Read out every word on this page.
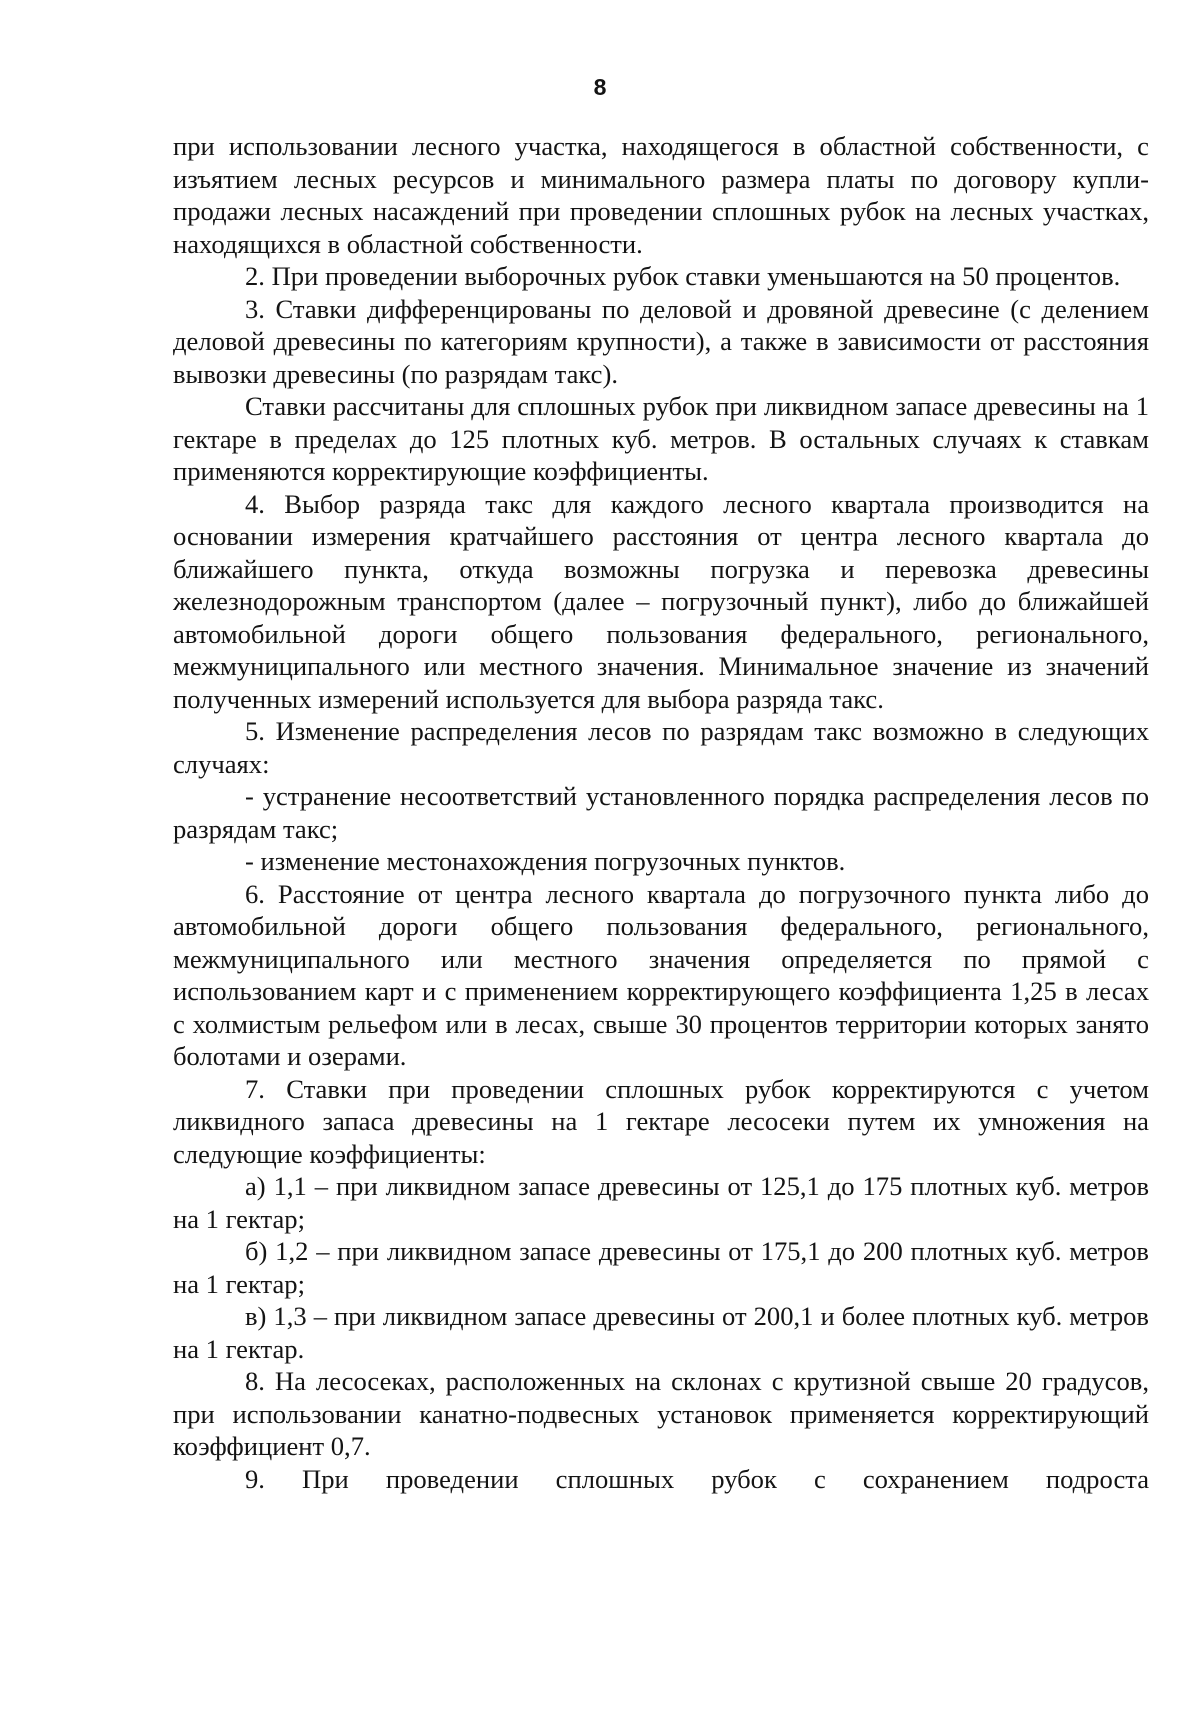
8

при использовании лесного участка, находящегося в областной собственности, с изъятием лесных ресурсов и минимального размера платы по договору купли-продажи лесных насаждений при проведении сплошных рубок на лесных участках, находящихся в областной собственности.

2. При проведении выборочных рубок ставки уменьшаются на 50 процентов.

3. Ставки дифференцированы по деловой и дровяной древесине (с делением деловой древесины по категориям крупности), а также в зависимости от расстояния вывозки древесины (по разрядам такс).

Ставки рассчитаны для сплошных рубок при ликвидном запасе древесины на 1 гектаре в пределах до 125 плотных куб. метров. В остальных случаях к ставкам применяются корректирующие коэффициенты.

4. Выбор разряда такс для каждого лесного квартала производится на основании измерения кратчайшего расстояния от центра лесного квартала до ближайшего пункта, откуда возможны погрузка и перевозка древесины железнодорожным транспортом (далее – погрузочный пункт), либо до ближайшей автомобильной дороги общего пользования федерального, регионального, межмуниципального или местного значения. Минимальное значение из значений полученных измерений используется для выбора разряда такс.

5. Изменение распределения лесов по разрядам такс возможно в следующих случаях:

- устранение несоответствий установленного порядка распределения лесов по разрядам такс;

- изменение местонахождения погрузочных пунктов.

6. Расстояние от центра лесного квартала до погрузочного пункта либо до автомобильной дороги общего пользования федерального, регионального, межмуниципального или местного значения определяется по прямой с использованием карт и с применением корректирующего коэффициента 1,25 в лесах с холмистым рельефом или в лесах, свыше 30 процентов территории которых занято болотами и озерами.

7. Ставки при проведении сплошных рубок корректируются с учетом ликвидного запаса древесины на 1 гектаре лесосеки путем их умножения на следующие коэффициенты:

а) 1,1 – при ликвидном запасе древесины от 125,1 до 175 плотных куб. метров на 1 гектар;

б) 1,2 – при ликвидном запасе древесины от 175,1 до 200 плотных куб. метров на 1 гектар;

в) 1,3 – при ликвидном запасе древесины от 200,1 и более плотных куб. метров на 1 гектар.

8. На лесосеках, расположенных на склонах с крутизной свыше 20 градусов, при использовании канатно-подвесных установок применяется корректирующий коэффициент 0,7.

9. При проведении сплошных рубок с сохранением подроста
